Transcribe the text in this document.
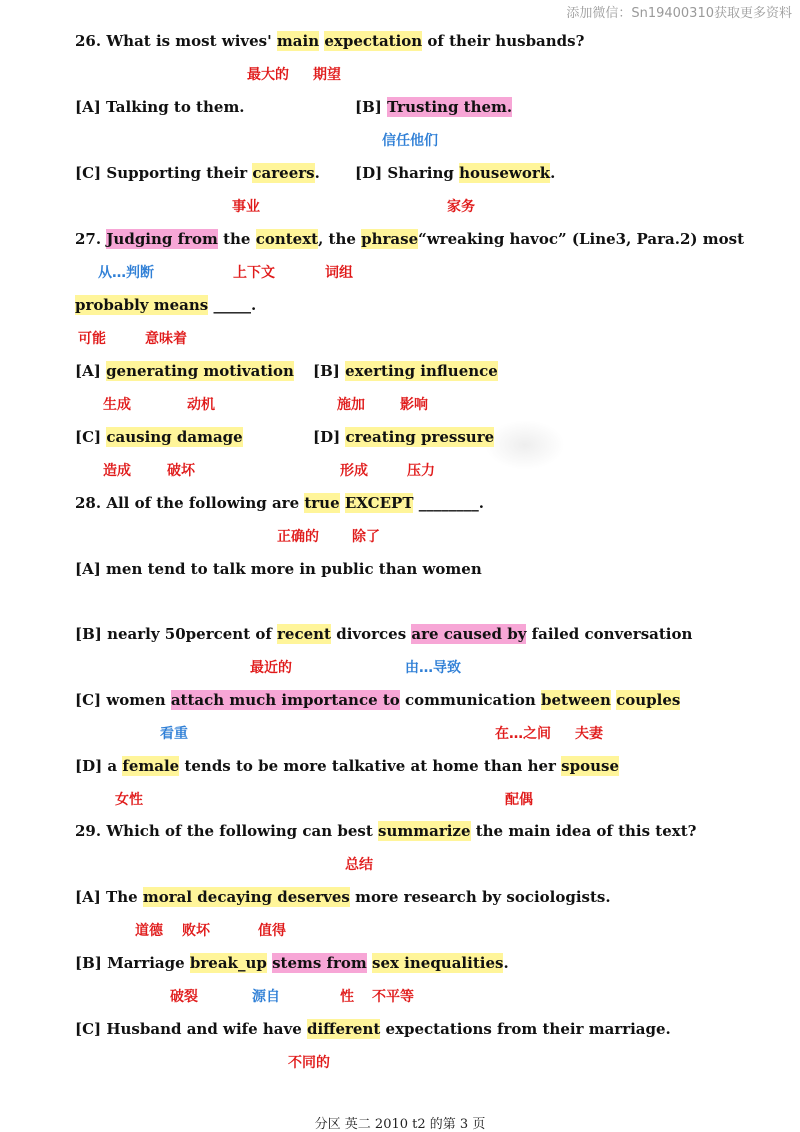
添加微信：Sn19400310获取更多资料
26. What is most wives' main expectation of their husbands?
最大的 期望
[A] Talking to them.	[B] Trusting them.
信任他们
[C] Supporting their careers. [D] Sharing housework.
事业	家务
27. Judging from the context, the phrase“wreaking havoc” (Line3, Para.2) most
从…判断	上下文	词组
probably means _____.
可能	意味着
[A] generating motivation [B] exerting influence
生成	动机	施加	影响
[C] causing damage	[D] creating pressure
造成	破坏	形成	压力
28. All of the following are true EXCEPT ________.
正确的 除了
[A] men tend to talk more in public than women
[B] nearly 50percent of recent divorces are caused by failed conversation
最近的	由…导致
[C] women attach much importance to communication between couples
看重	在…之间 夫妻
[D] a female tends to be more talkative at home than her spouse
女性	配偶
29. Which of the following can best summarize the main idea of this text?
总结
[A] The moral decaying deserves more research by sociologists.
道德 败坏	值得
[B] Marriage break_up stems from sex inequalities.
破裂	源自	性 不平等
[C] Husband and wife have different expectations from their marriage.
不同的
分区 英二 2010 t2 的第 3 页
